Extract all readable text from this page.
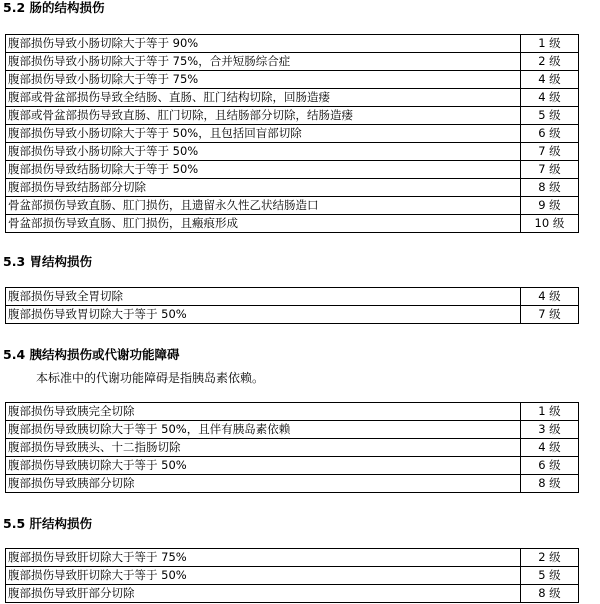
5.2 肠的结构损伤
腹部损伤导致小肠切除大于等于 90%	1 级
腹部损伤导致小肠切除大于等于 75%，合并短肠综合症	2 级
腹部损伤导致小肠切除大于等于 75%	4 级
腹部或骨盆部损伤导致全结肠、直肠、肛门结构切除，回肠造瘘	4 级
腹部或骨盆部损伤导致直肠、肛门切除，且结肠部分切除，结肠造瘘	5 级
腹部损伤导致小肠切除大于等于 50%，且包括回盲部切除	6 级
腹部损伤导致小肠切除大于等于 50%	7 级
腹部损伤导致结肠切除大于等于 50%	7 级
腹部损伤导致结肠部分切除	8 级
骨盆部损伤导致直肠、肛门损伤，且遗留永久性乙状结肠造口	9 级
骨盆部损伤导致直肠、肛门损伤，且瘢痕形成	10 级
5.3 胃结构损伤
腹部损伤导致全胃切除	4 级
腹部损伤导致胃切除大于等于 50%	7 级
5.4 胰结构损伤或代谢功能障碍
本标准中的代谢功能障碍是指胰岛素依赖。
腹部损伤导致胰完全切除	1 级
腹部损伤导致胰切除大于等于 50%，且伴有胰岛素依赖	3 级
腹部损伤导致胰头、十二指肠切除	4 级
腹部损伤导致胰切除大于等于 50%	6 级
腹部损伤导致胰部分切除	8 级
5.5 肝结构损伤
腹部损伤导致肝切除大于等于 75%	2 级
腹部损伤导致肝切除大于等于 50%	5 级
腹部损伤导致肝部分切除	8 级
